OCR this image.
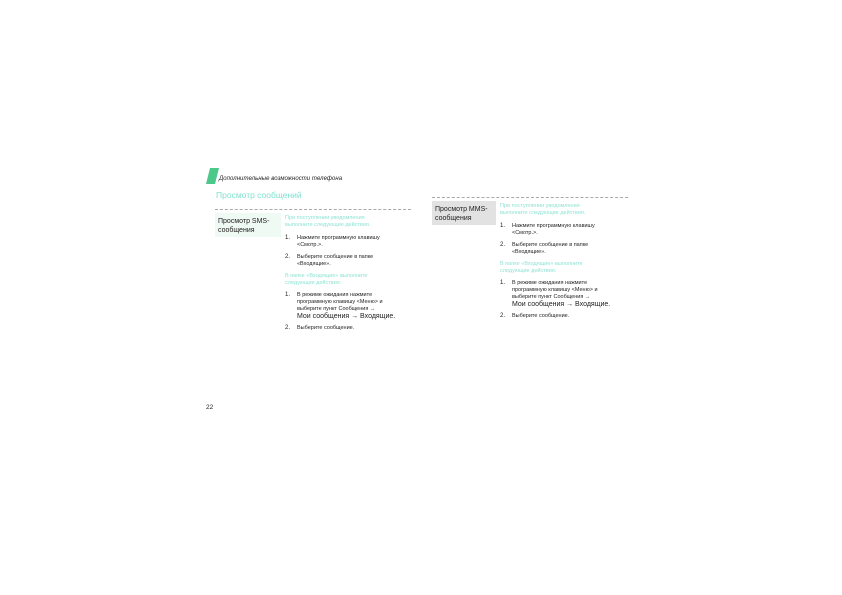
Дополнительные возможности телефона
Просмотр сообщений
Просмотр SMS-
сообщения
При поступлении уведомления
выполните следующие действия.
1. Нажмите программную клавишу
<Смотр.>.
2. Выберите сообщение в папке
«Входящие».
В папке «Входящие» выполните
следующие действия.
1. В режиме ожидания нажмите
программную клавишу <Меню> и
выберите пункт Сообщения →
Мои сообщения → Входящие.
2. Выберите сообщение.
Просмотр MMS-
сообщения
При поступлении уведомления
выполните следующие действия.
1. Нажмите программную клавишу
<Смотр.>.
2. Выберите сообщение в папке
«Входящие».
В папке «Входящие» выполните
следующие действия.
1. В режиме ожидания нажмите
программную клавишу <Меню> и
выберите пункт Сообщения →
Мои сообщения → Входящие.
2. Выберите сообщение.
22
